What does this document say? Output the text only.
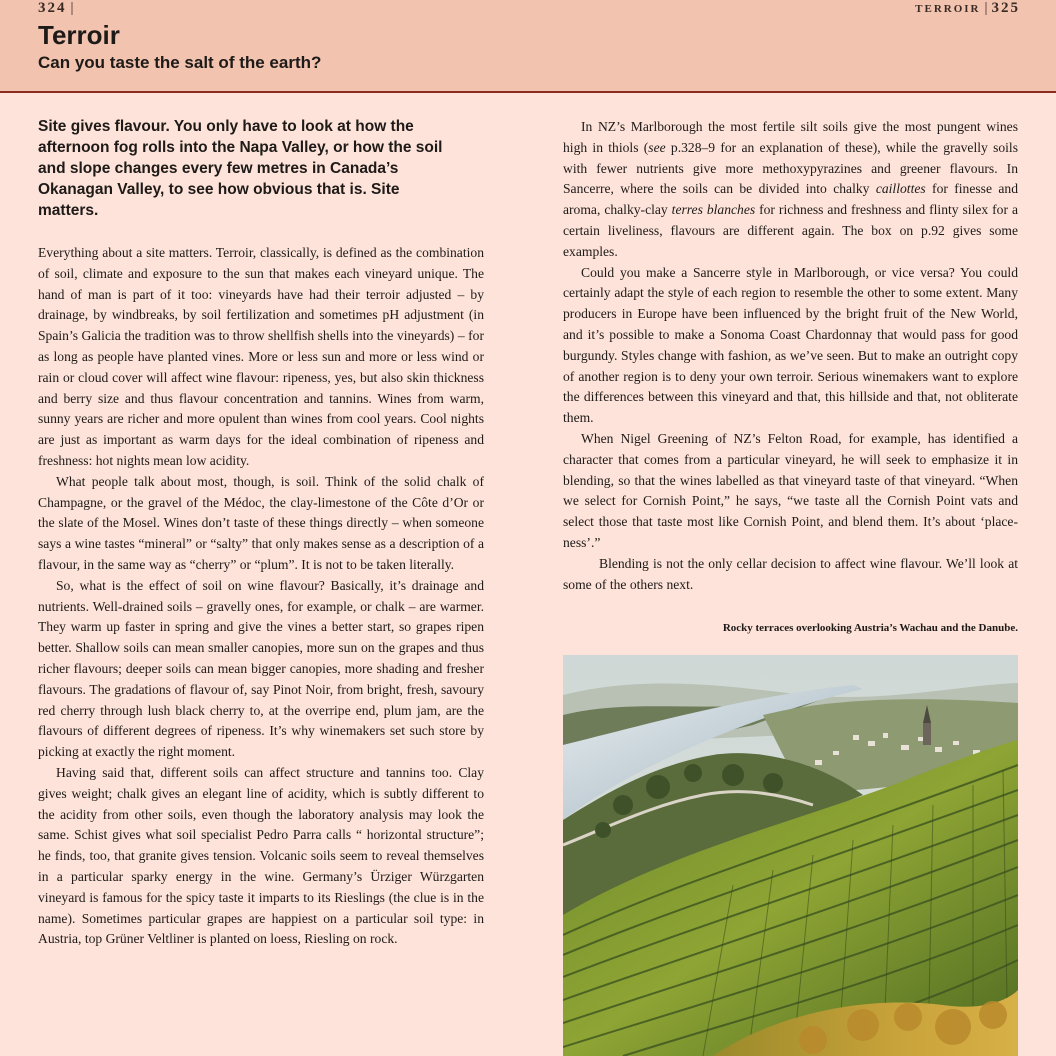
324 |	TERROIR | 325
Terroir
Can you taste the salt of the earth?

Site gives flavour. You only have to look at how the afternoon fog rolls into the Napa Valley, or how the soil and slope changes every few metres in Canada’s Okanagan Valley, to see how obvious that is. Site matters.

Everything about a site matters. Terroir, classically, is defined as the combination of soil, climate and exposure to the sun that makes each vineyard unique. The hand of man is part of it too: vineyards have had their terroir adjusted – by drainage, by windbreaks, by soil fertilization and sometimes pH adjustment (in Spain’s Galicia the tradition was to throw shellfish shells into the vineyards) – for as long as people have planted vines. More or less sun and more or less wind or rain or cloud cover will affect wine flavour: ripeness, yes, but also skin thickness and berry size and thus flavour concentration and tannins. Wines from warm, sunny years are richer and more opulent than wines from cool years. Cool nights are just as important as warm days for the ideal combination of ripeness and freshness: hot nights mean low acidity.

What people talk about most, though, is soil. Think of the solid chalk of Champagne, or the gravel of the Médoc, the clay-limestone of the Côte d’Or or the slate of the Mosel. Wines don’t taste of these things directly – when someone says a wine tastes “mineral” or “salty” that only makes sense as a description of a flavour, in the same way as “cherry” or “plum”. It is not to be taken literally.

So, what is the effect of soil on wine flavour? Basically, it’s drainage and nutrients. Well-drained soils – gravelly ones, for example, or chalk – are warmer. They warm up faster in spring and give the vines a better start, so grapes ripen better. Shallow soils can mean smaller canopies, more sun on the grapes and thus richer flavours; deeper soils can mean bigger canopies, more shading and fresher flavours. The gradations of flavour of, say Pinot Noir, from bright, fresh, savoury red cherry through lush black cherry to, at the overripe end, plum jam, are the flavours of different degrees of ripeness. It’s why winemakers set such store by picking at exactly the right moment.

Having said that, different soils can affect structure and tannins too. Clay gives weight; chalk gives an elegant line of acidity, which is subtly different to the acidity from other soils, even though the laboratory analysis may look the same. Schist gives what soil specialist Pedro Parra calls “ horizontal structure”; he finds, too, that granite gives tension. Volcanic soils seem to reveal themselves in a particular sparky energy in the wine. Germany’s Ürziger Würzgarten vineyard is famous for the spicy taste it imparts to its Rieslings (the clue is in the name). Sometimes particular grapes are happiest on a particular soil type: in Austria, top Grüner Veltliner is planted on loess, Riesling on rock.

In NZ’s Marlborough the most fertile silt soils give the most pungent wines high in thiols (see p.328–9 for an explanation of these), while the gravelly soils with fewer nutrients give more methoxypyrazines and greener flavours. In Sancerre, where the soils can be divided into chalky caillottes for finesse and aroma, chalky-clay terres blanches for richness and freshness and flinty silex for a certain liveliness, flavours are different again. The box on p.92 gives some examples.

Could you make a Sancerre style in Marlborough, or vice versa? You could certainly adapt the style of each region to resemble the other to some extent. Many producers in Europe have been influenced by the bright fruit of the New World, and it’s possible to make a Sonoma Coast Chardonnay that would pass for good burgundy. Styles change with fashion, as we’ve seen. But to make an outright copy of another region is to deny your own terroir. Serious winemakers want to explore the differences between this vineyard and that, this hillside and that, not obliterate them.

When Nigel Greening of NZ’s Felton Road, for example, has identified a character that comes from a particular vineyard, he will seek to emphasize it in blending, so that the wines labelled as that vineyard taste of that vineyard. “When we select for Cornish Point,” he says, “we taste all the Cornish Point vats and select those that taste most like Cornish Point, and blend them. It’s about ‘place-ness’.”

Blending is not the only cellar decision to affect wine flavour. We’ll look at some of the others next.

Rocky terraces overlooking Austria’s Wachau and the Danube.
